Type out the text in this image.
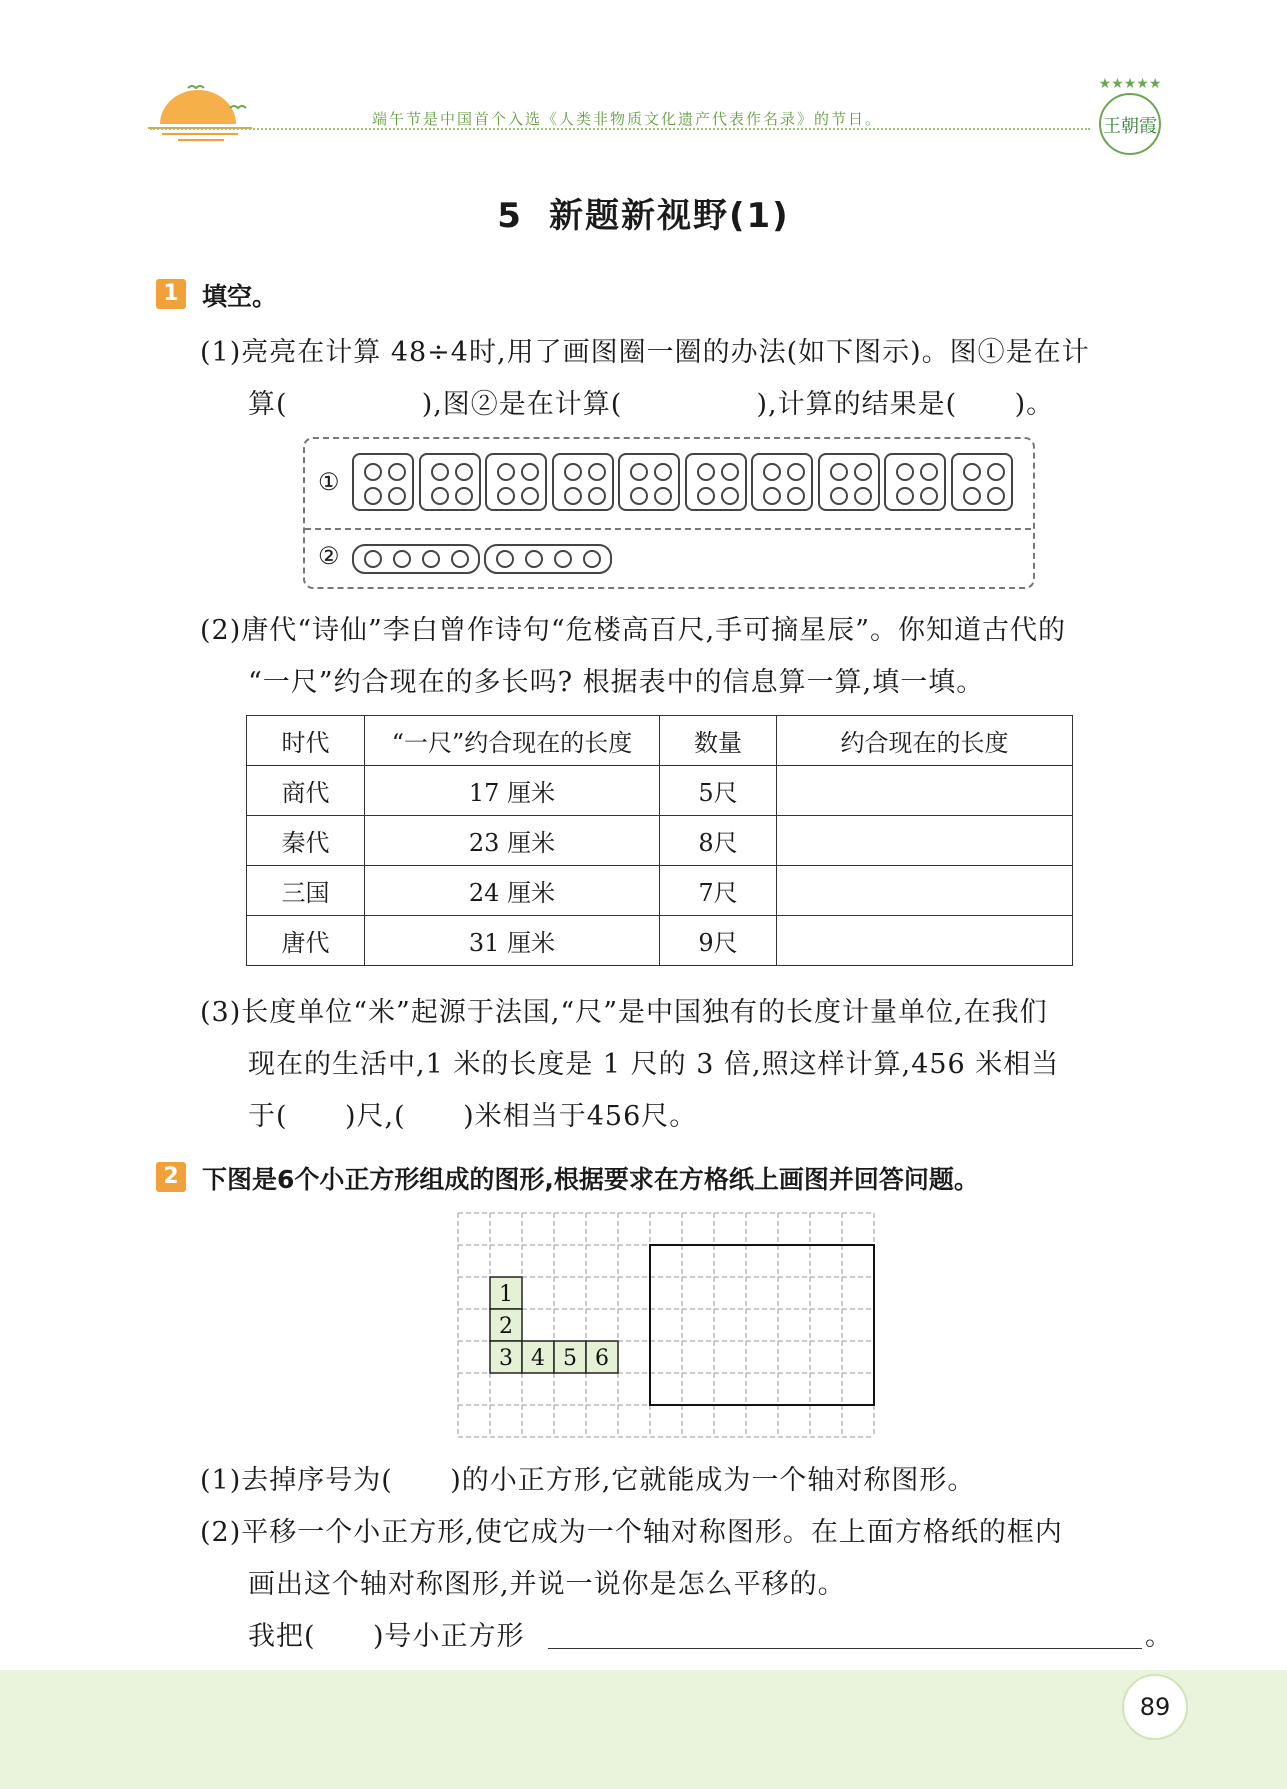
端午节是中国首个入选《人类非物质文化遗产代表作名录》的节日。
★★★★★
王朝霞
5 新题新视野(1)
1 填空。
(1)亮亮在计算 48÷4时,用了画图圈一圈的办法(如下图示)。图①是在计
算(              ),图②是在计算(              ),计算的结果是(      )。
①
②
(2)唐代“诗仙”李白曾作诗句“危楼高百尺,手可摘星辰”。你知道古代的
“一尺”约合现在的多长吗? 根据表中的信息算一算,填一填。
时代	“一尺”约合现在的长度	数量	约合现在的长度
商代	17 厘米	5尺	
秦代	23 厘米	8尺	
三国	24 厘米	7尺	
唐代	31 厘米	9尺	
(3)长度单位“米”起源于法国,“尺”是中国独有的长度计量单位,在我们
现在的生活中,1 米的长度是 1 尺的 3 倍,照这样计算,456 米相当
于(      )尺,(      )米相当于456尺。
2 下图是6个小正方形组成的图形,根据要求在方格纸上画图并回答问题。
1
2
3 4 5 6
(1)去掉序号为(      )的小正方形,它就能成为一个轴对称图形。
(2)平移一个小正方形,使它成为一个轴对称图形。在上面方格纸的框内
画出这个轴对称图形,并说一说你是怎么平移的。
我把(      )号小正方形	。
89
